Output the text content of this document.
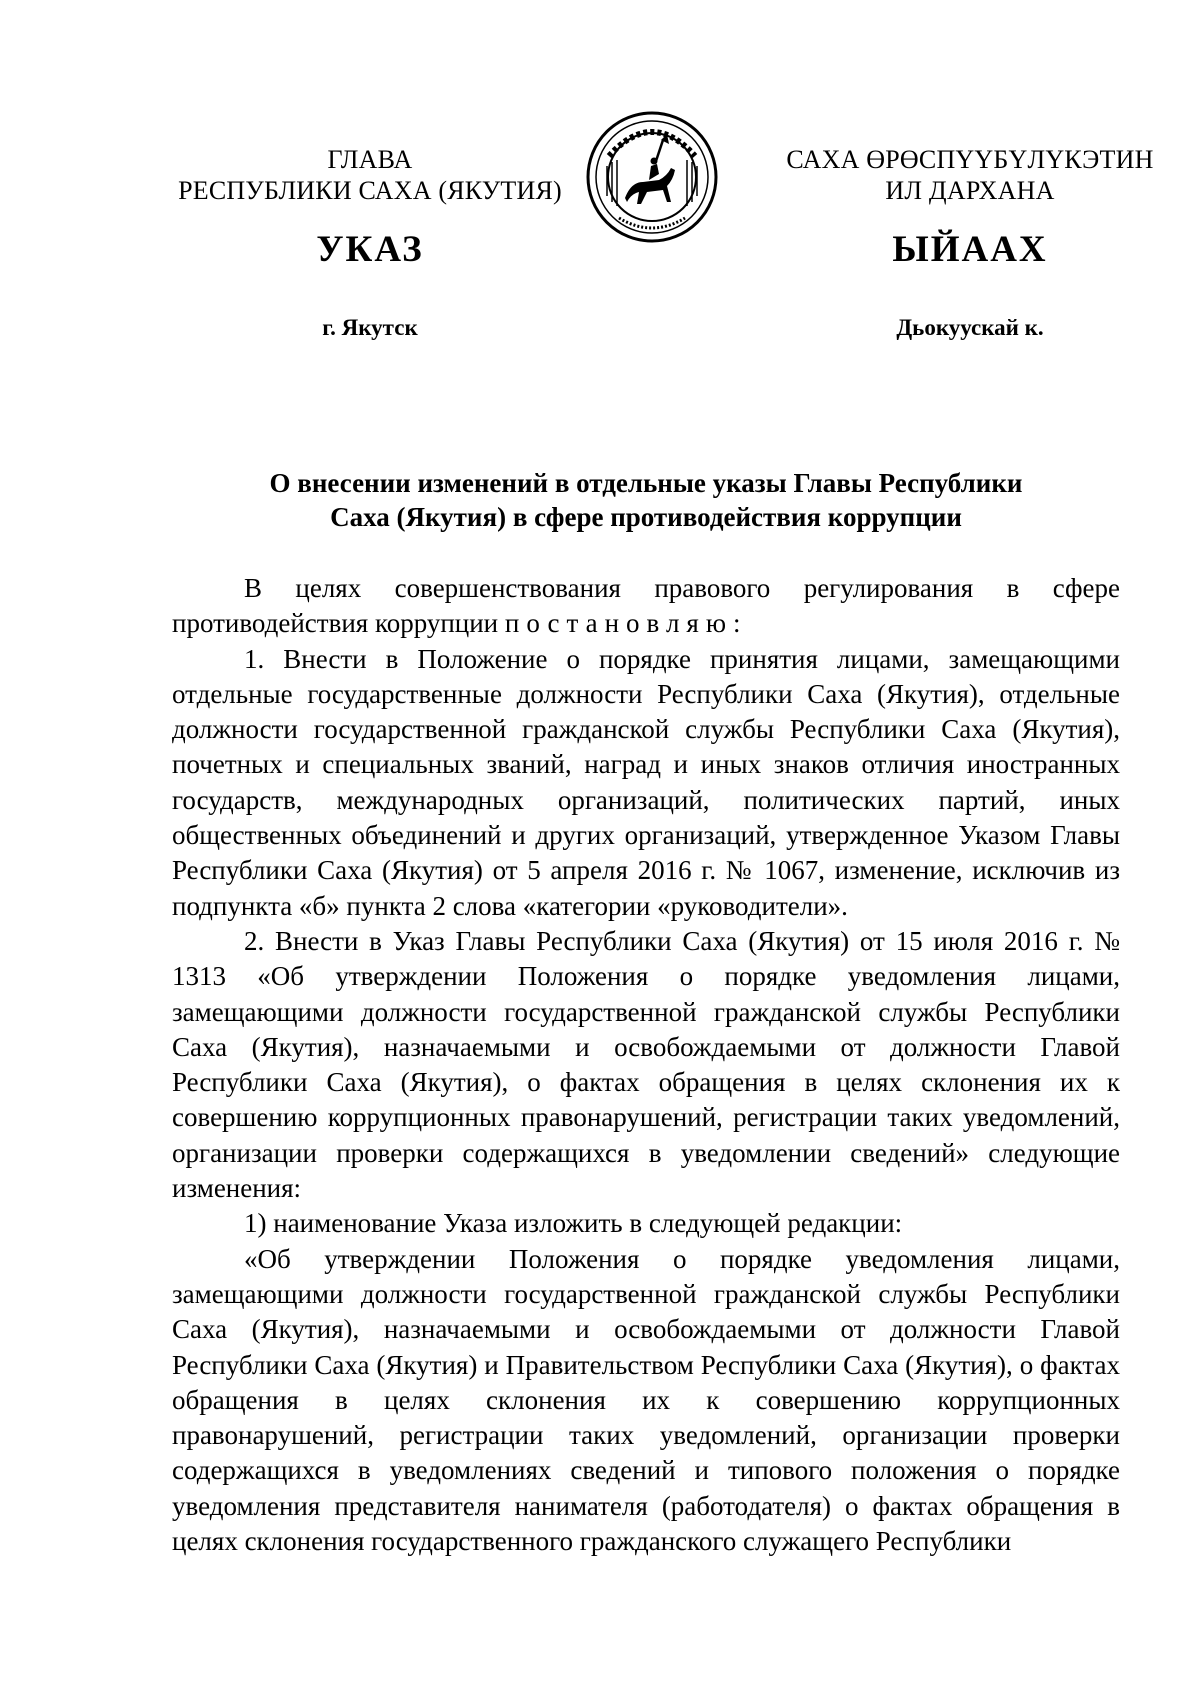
ГЛАВА
РЕСПУБЛИКИ САХА (ЯКУТИЯ)
САХА ӨРӨСПҮҮБҮЛҮКЭТИН
ИЛ ДАРХАНА
УКАЗ	ЫЙААХ
г. Якутск	Дьокуускай к.
О внесении изменений в отдельные указы Главы Республики
Саха (Якутия) в сфере противодействия коррупции

В целях совершенствования правового регулирования в сфере противодействия коррупции постановляю:

1. Внести в Положение о порядке принятия лицами, замещающими отдельные государственные должности Республики Саха (Якутия), отдельные должности государственной гражданской службы Республики Саха (Якутия), почетных и специальных званий, наград и иных знаков отличия иностранных государств, международных организаций, политических партий, иных общественных объединений и других организаций, утвержденное Указом Главы Республики Саха (Якутия) от 5 апреля 2016 г. № 1067, изменение, исключив из подпункта «б» пункта 2 слова «категории «руководители».

2. Внести в Указ Главы Республики Саха (Якутия) от 15 июля 2016 г. № 1313 «Об утверждении Положения о порядке уведомления лицами, замещающими должности государственной гражданской службы Республики Саха (Якутия), назначаемыми и освобождаемыми от должности Главой Республики Саха (Якутия), о фактах обращения в целях склонения их к совершению коррупционных правонарушений, регистрации таких уведомлений, организации проверки содержащихся в уведомлении сведений» следующие изменения:

1) наименование Указа изложить в следующей редакции:

«Об утверждении Положения о порядке уведомления лицами, замещающими должности государственной гражданской службы Республики Саха (Якутия), назначаемыми и освобождаемыми от должности Главой Республики Саха (Якутия) и Правительством Республики Саха (Якутия), о фактах обращения в целях склонения их к совершению коррупционных правонарушений, регистрации таких уведомлений, организации проверки содержащихся в уведомлениях сведений и типового положения о порядке уведомления представителя нанимателя (работодателя) о фактах обращения в целях склонения государственного гражданского служащего Республики
